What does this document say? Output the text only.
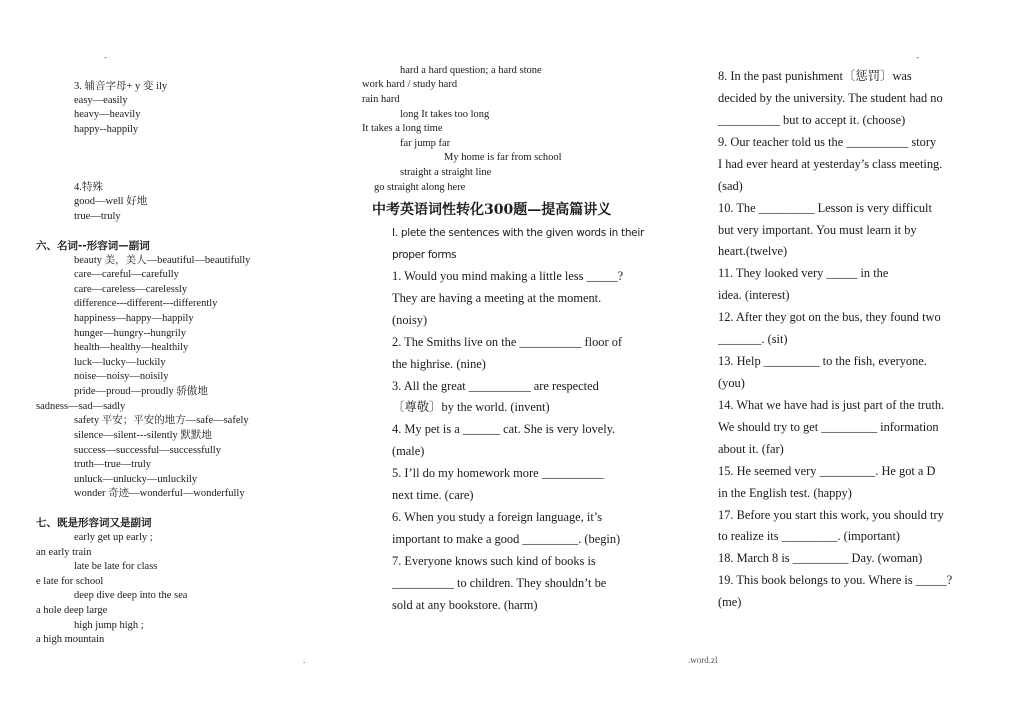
-	-
.	.word.zl
3. 辅音字母+ y 变 ily
easy—easily
heavy—heavily
happy--happily
4.特殊
good—well 好地
true—truly
六、名词--形容词—副词
beauty 美，美人—beautiful—beautifully
care—careful—carefully
care—careless—carelessly
difference---different---differently
happiness—happy—happily
hunger—hungry--hungrily
health—healthy—healthily
luck—lucky—luckily
noise—noisy—noisily
pride—proud—proudly 骄傲地
sadness—sad—sadly
safety 平安；平安的地方—safe—safely
silence—silent---silently 默默地
success—successful—successfully
truth—true—truly
unluck—unlucky—unluckily
wonder 奇迹—wonderful—wonderfully
七、既是形容词又是副词
early get up early ;
an early train
late be late for class
e late for school
deep dive deep into the sea
a hole deep large
high jump high ;
a high mountain
hard a hard question; a hard stone
work hard / study hard
rain hard
long It takes too long
It takes a long time
far jump far
My home is far from school
straight a straight line
go straight along here
中考英语词性转化300题—提高篇讲义
I. plete the sentences with the given words in their proper forms
1. Would you mind making a little less _____?
They are having a meeting at the moment.
(noisy)
2. The Smiths live on the __________ floor of
the highrise. (nine)
3. All the great __________ are respected
〔尊敬〕by the world. (invent)
4. My pet is a ______ cat. She is very lovely.
(male)
5. I’ll do my homework more __________
next time. (care)
6. When you study a foreign language, it’s
important to make a good _________. (begin)
7. Everyone knows such kind of books is
__________ to children. They shouldn’t be
sold at any bookstore. (harm)
8. In the past punishment〔惩罚〕was
decided by the university. The student had no
__________ but to accept it. (choose)
9. Our teacher told us the __________ story
I had ever heard at yesterday’s class meeting.
(sad)
10. The _________ Lesson is very difficult
but very important. You must learn it by
heart.(twelve)
11. They looked very _____ in the
idea. (interest)
12. After they got on the bus, they found two
_______. (sit)
13. Help _________ to the fish, everyone.
(you)
14. What we have had is just part of the truth.
We should try to get _________ information
about it. (far)
15. He seemed very _________. He got a D
in the English test. (happy)
17. Before you start this work, you should try
to realize its _________. (important)
18. March 8 is _________ Day. (woman)
19. This book belongs to you. Where is _____?
(me)
